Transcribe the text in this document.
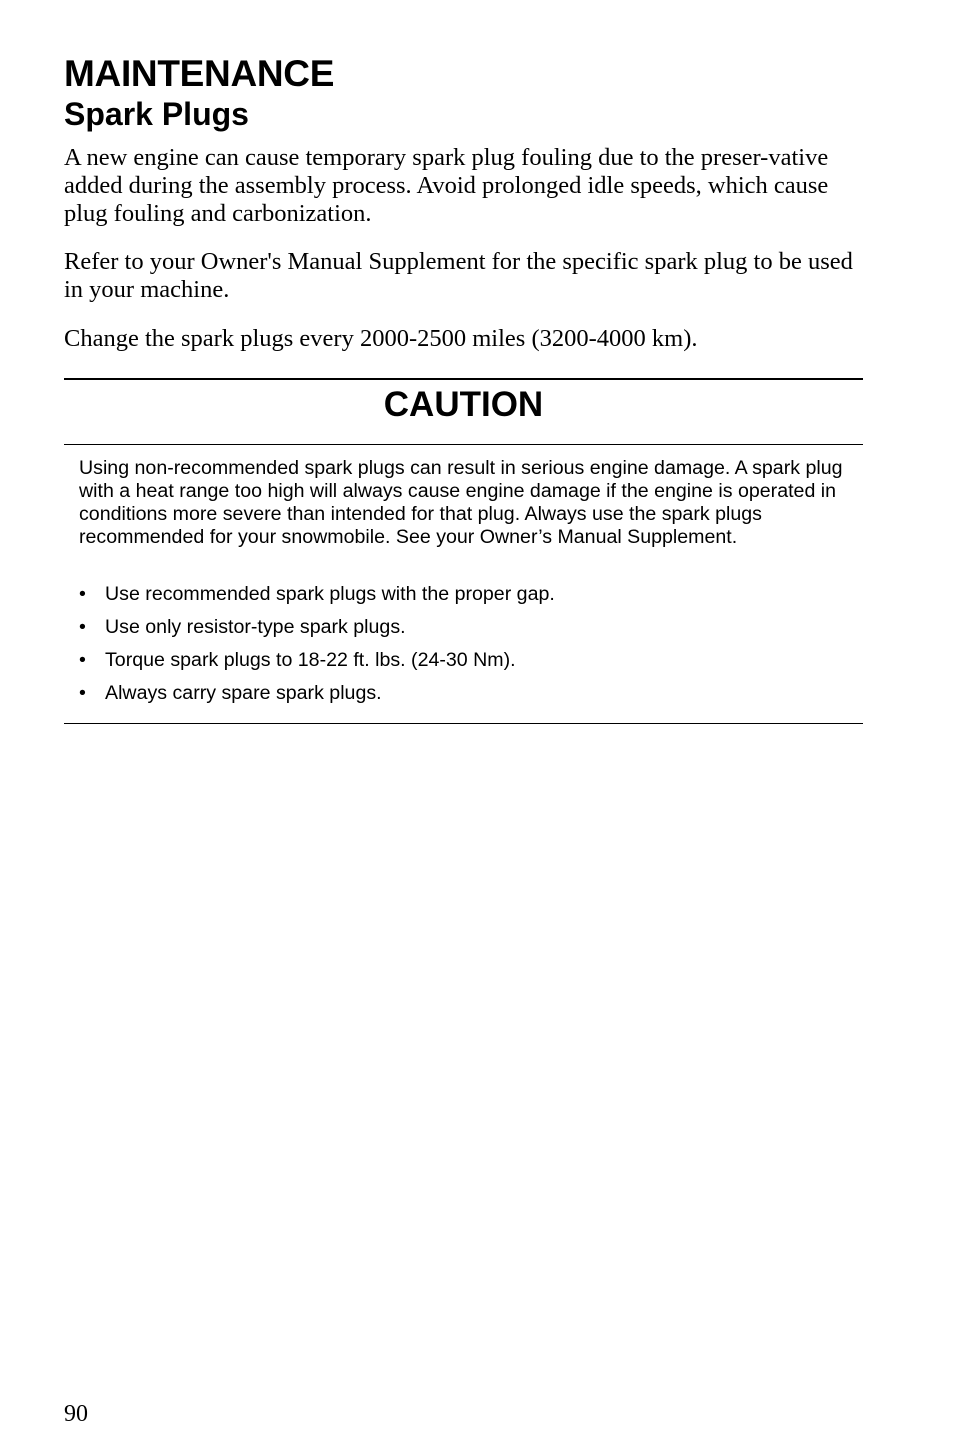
MAINTENANCE
Spark Plugs

A new engine can cause temporary spark plug fouling due to the preser-vative added during the assembly process. Avoid prolonged idle speeds, which cause plug fouling and carbonization.

Refer to your Owner's Manual Supplement for the specific spark plug to be used in your machine.

Change the spark plugs every 2000-2500 miles (3200-4000 km).

CAUTION

Using non-recommended spark plugs can result in serious engine damage. A spark plug with a heat range too high will always cause engine damage if the engine is operated in conditions more severe than intended for that plug. Always use the spark plugs recommended for your snowmobile. See your Owner’s Manual Supplement.

• Use recommended spark plugs with the proper gap.
• Use only resistor-type spark plugs.
• Torque spark plugs to 18-22 ft. lbs. (24-30 Nm).
• Always carry spare spark plugs.

90
